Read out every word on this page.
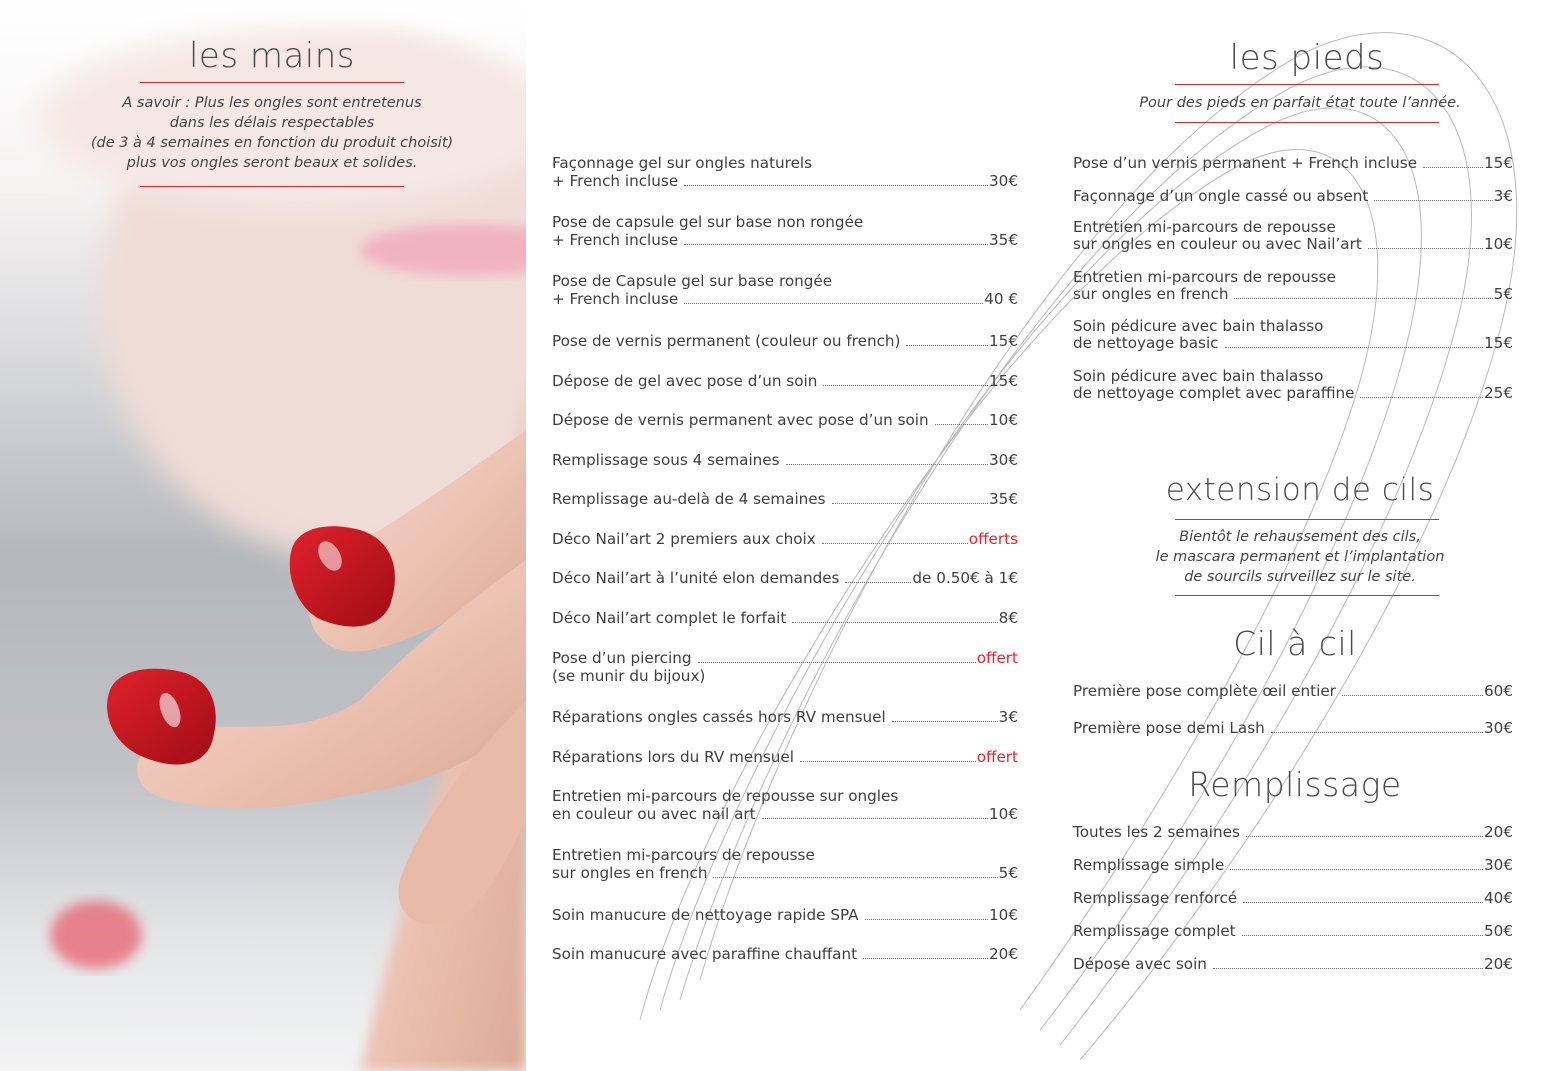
les mains
A savoir : Plus les ongles sont entretenus
dans les délais respectables
(de 3 à 4 semaines en fonction du produit choisit)
plus vos ongles seront beaux et solides.	Façonnage gel sur ongles naturels
+ French incluse	30€
Pose de capsule gel sur base non rongée
+ French incluse	35€
Pose de Capsule gel sur base rongée
+ French incluse	40 €
Pose de vernis permanent (couleur ou french)	15€
Dépose de gel avec pose d’un soin	15€
Dépose de vernis permanent avec pose d’un soin	10€
Remplissage sous 4 semaines	30€
Remplissage au-delà de 4 semaines	35€
Déco Nail’art 2 premiers aux choix	offerts
Déco Nail’art à l’unité elon demandes	de 0.50€ à 1€
Déco Nail’art complet le forfait	8€
Pose d’un piercing	offert
(se munir du bijoux)
Réparations ongles cassés hors RV mensuel	3€
Réparations lors du RV mensuel	offert
Entretien mi-parcours de repousse sur ongles
en couleur ou avec nail art	10€
Entretien mi-parcours de repousse
sur ongles en french	5€
Soin manucure de nettoyage rapide SPA	10€
Soin manucure avec paraffine chauffant	20€
les pieds
Pour des pieds en parfait état toute l’année.
Pose d’un vernis permanent + French incluse	15€
Façonnage d’un ongle cassé ou absent	3€
Entretien mi-parcours de repousse
sur ongles en couleur ou avec Nail’art	10€
Entretien mi-parcours de repousse
sur ongles en french	5€
Soin pédicure avec bain thalasso
de nettoyage basic	15€
Soin pédicure avec bain thalasso
de nettoyage complet avec paraffine	25€
extension de cils
Bientôt le rehaussement des cils,
le mascara permanent et l’implantation
de sourcils surveillez sur le site.
Cil à cil
Première pose complète œil entier	60€
Première pose demi Lash	30€
Remplissage
Toutes les 2 semaines	20€
Remplissage simple	30€
Remplissage renforcé	40€
Remplissage complet	50€
Dépose avec soin	20€
